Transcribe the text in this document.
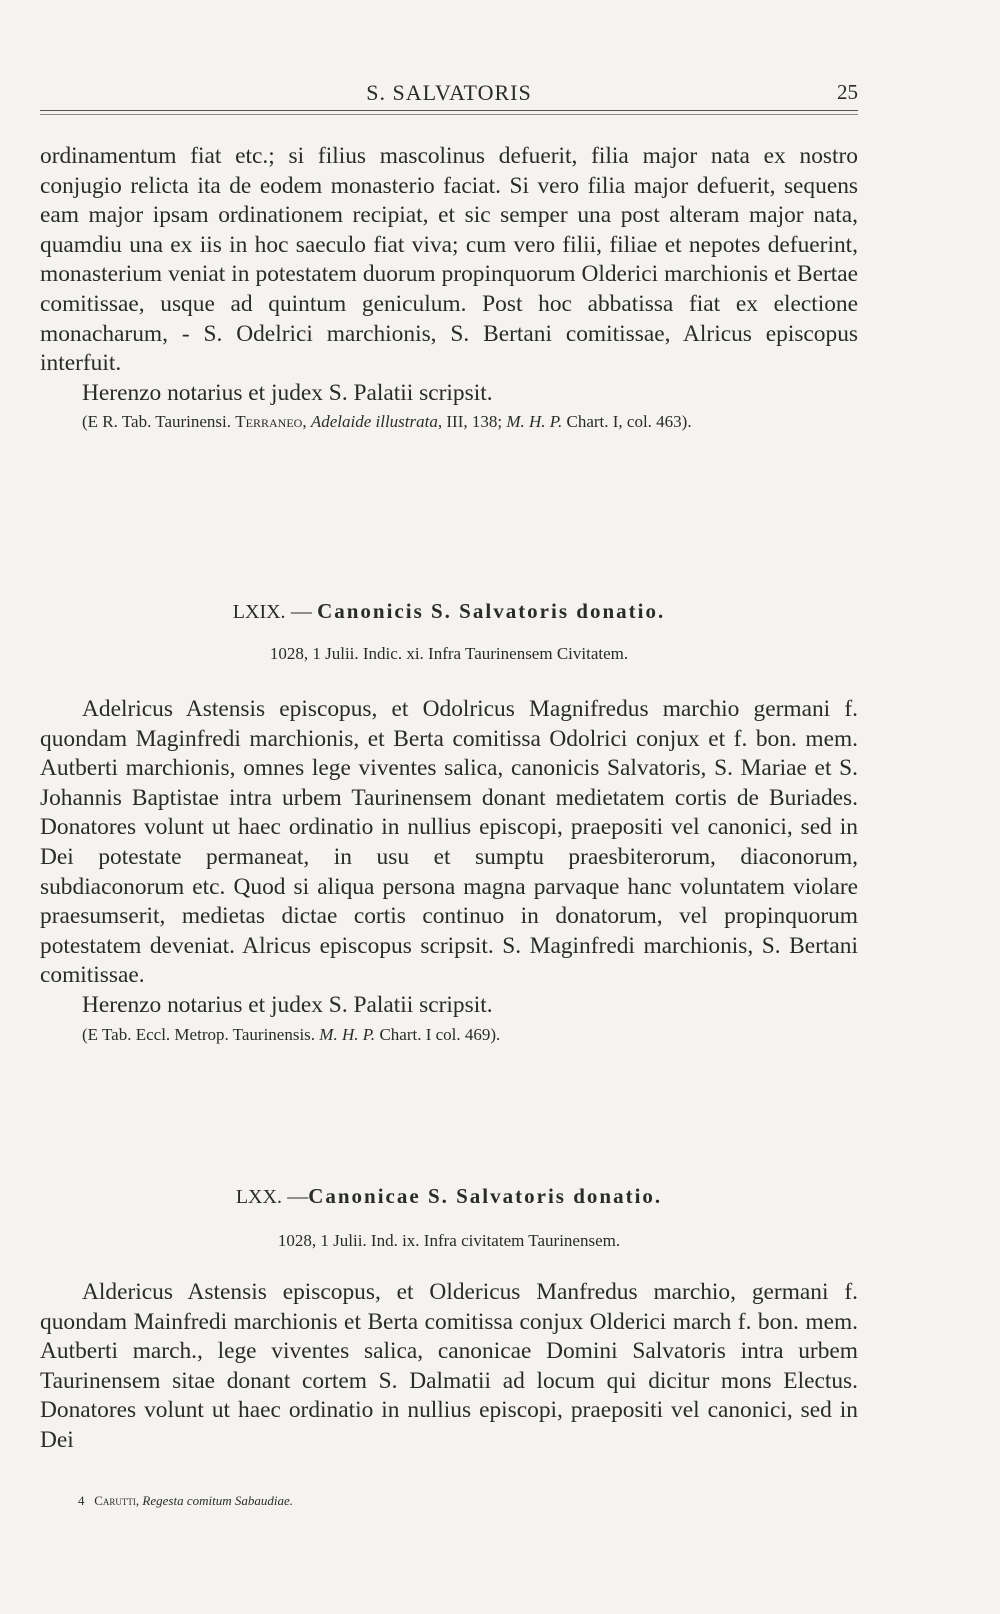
S. SALVATORIS	25

ordinamentum fiat etc.; si filius mascolinus defuerit, filia major nata ex nostro conjugio relicta ita de eodem monasterio faciat. Si vero filia major defuerit, sequens eam major ipsam ordinationem recipiat, et sic semper una post alteram major nata, quamdiu una ex iis in hoc saeculo fiat viva; cum vero filii, filiae et nepotes defuerint, monasterium veniat in potestatem duorum propinquorum Olderici marchionis et Bertae comitissae, usque ad quintum geniculum. Post hoc abbatissa fiat ex electione monacharum, - S. Odelrici marchionis, S. Bertani comitissae, Alricus episcopus interfuit.

Herenzo notarius et judex S. Palatii scripsit.

(E R. Tab. Taurinensi. Terraneo, Adelaide illustrata, III, 138; M. H. P. Chart. I, col. 463).

LXIX. — Canonicis S. Salvatoris donatio.
1028, 1 Julii. Indic. xi. Infra Taurinensem Civitatem.

Adelricus Astensis episcopus, et Odolricus Magnifredus marchio germani f. quondam Maginfredi marchionis, et Berta comitissa Odolrici conjux et f. bon. mem. Autberti marchionis, omnes lege viventes salica, canonicis Salvatoris, S. Mariae et S. Johannis Baptistae intra urbem Taurinensem donant medietatem cortis de Buriades. Donatores volunt ut haec ordinatio in nullius episcopi, praepositi vel canonici, sed in Dei potestate permaneat, in usu et sumptu praesbiterorum, diaconorum, subdiaconorum etc. Quod si aliqua persona magna parvaque hanc voluntatem violare praesumserit, medietas dictae cortis continuo in donatorum, vel propinquorum potestatem deveniat. Alricus episcopus scripsit. S. Maginfredi marchionis, S. Bertani comitissae.

Herenzo notarius et judex S. Palatii scripsit.

(E Tab. Eccl. Metrop. Taurinensis. M. H. P. Chart. I col. 469).

LXX. —Canonicae S. Salvatoris donatio.
1028, 1 Julii. Ind. ix. Infra civitatem Taurinensem.

Aldericus Astensis episcopus, et Oldericus Manfredus marchio, germani f. quondam Mainfredi marchionis et Berta comitissa conjux Olderici march f. bon. mem. Autberti march., lege viventes salica, canonicae Domini Salvatoris intra urbem Taurinensem sitae donant cortem S. Dalmatii ad locum qui dicitur mons Electus. Donatores volunt ut haec ordinatio in nullius episcopi, praepositi vel canonici, sed in Dei

4 Carutti, Regesta comitum Sabaudiae.
